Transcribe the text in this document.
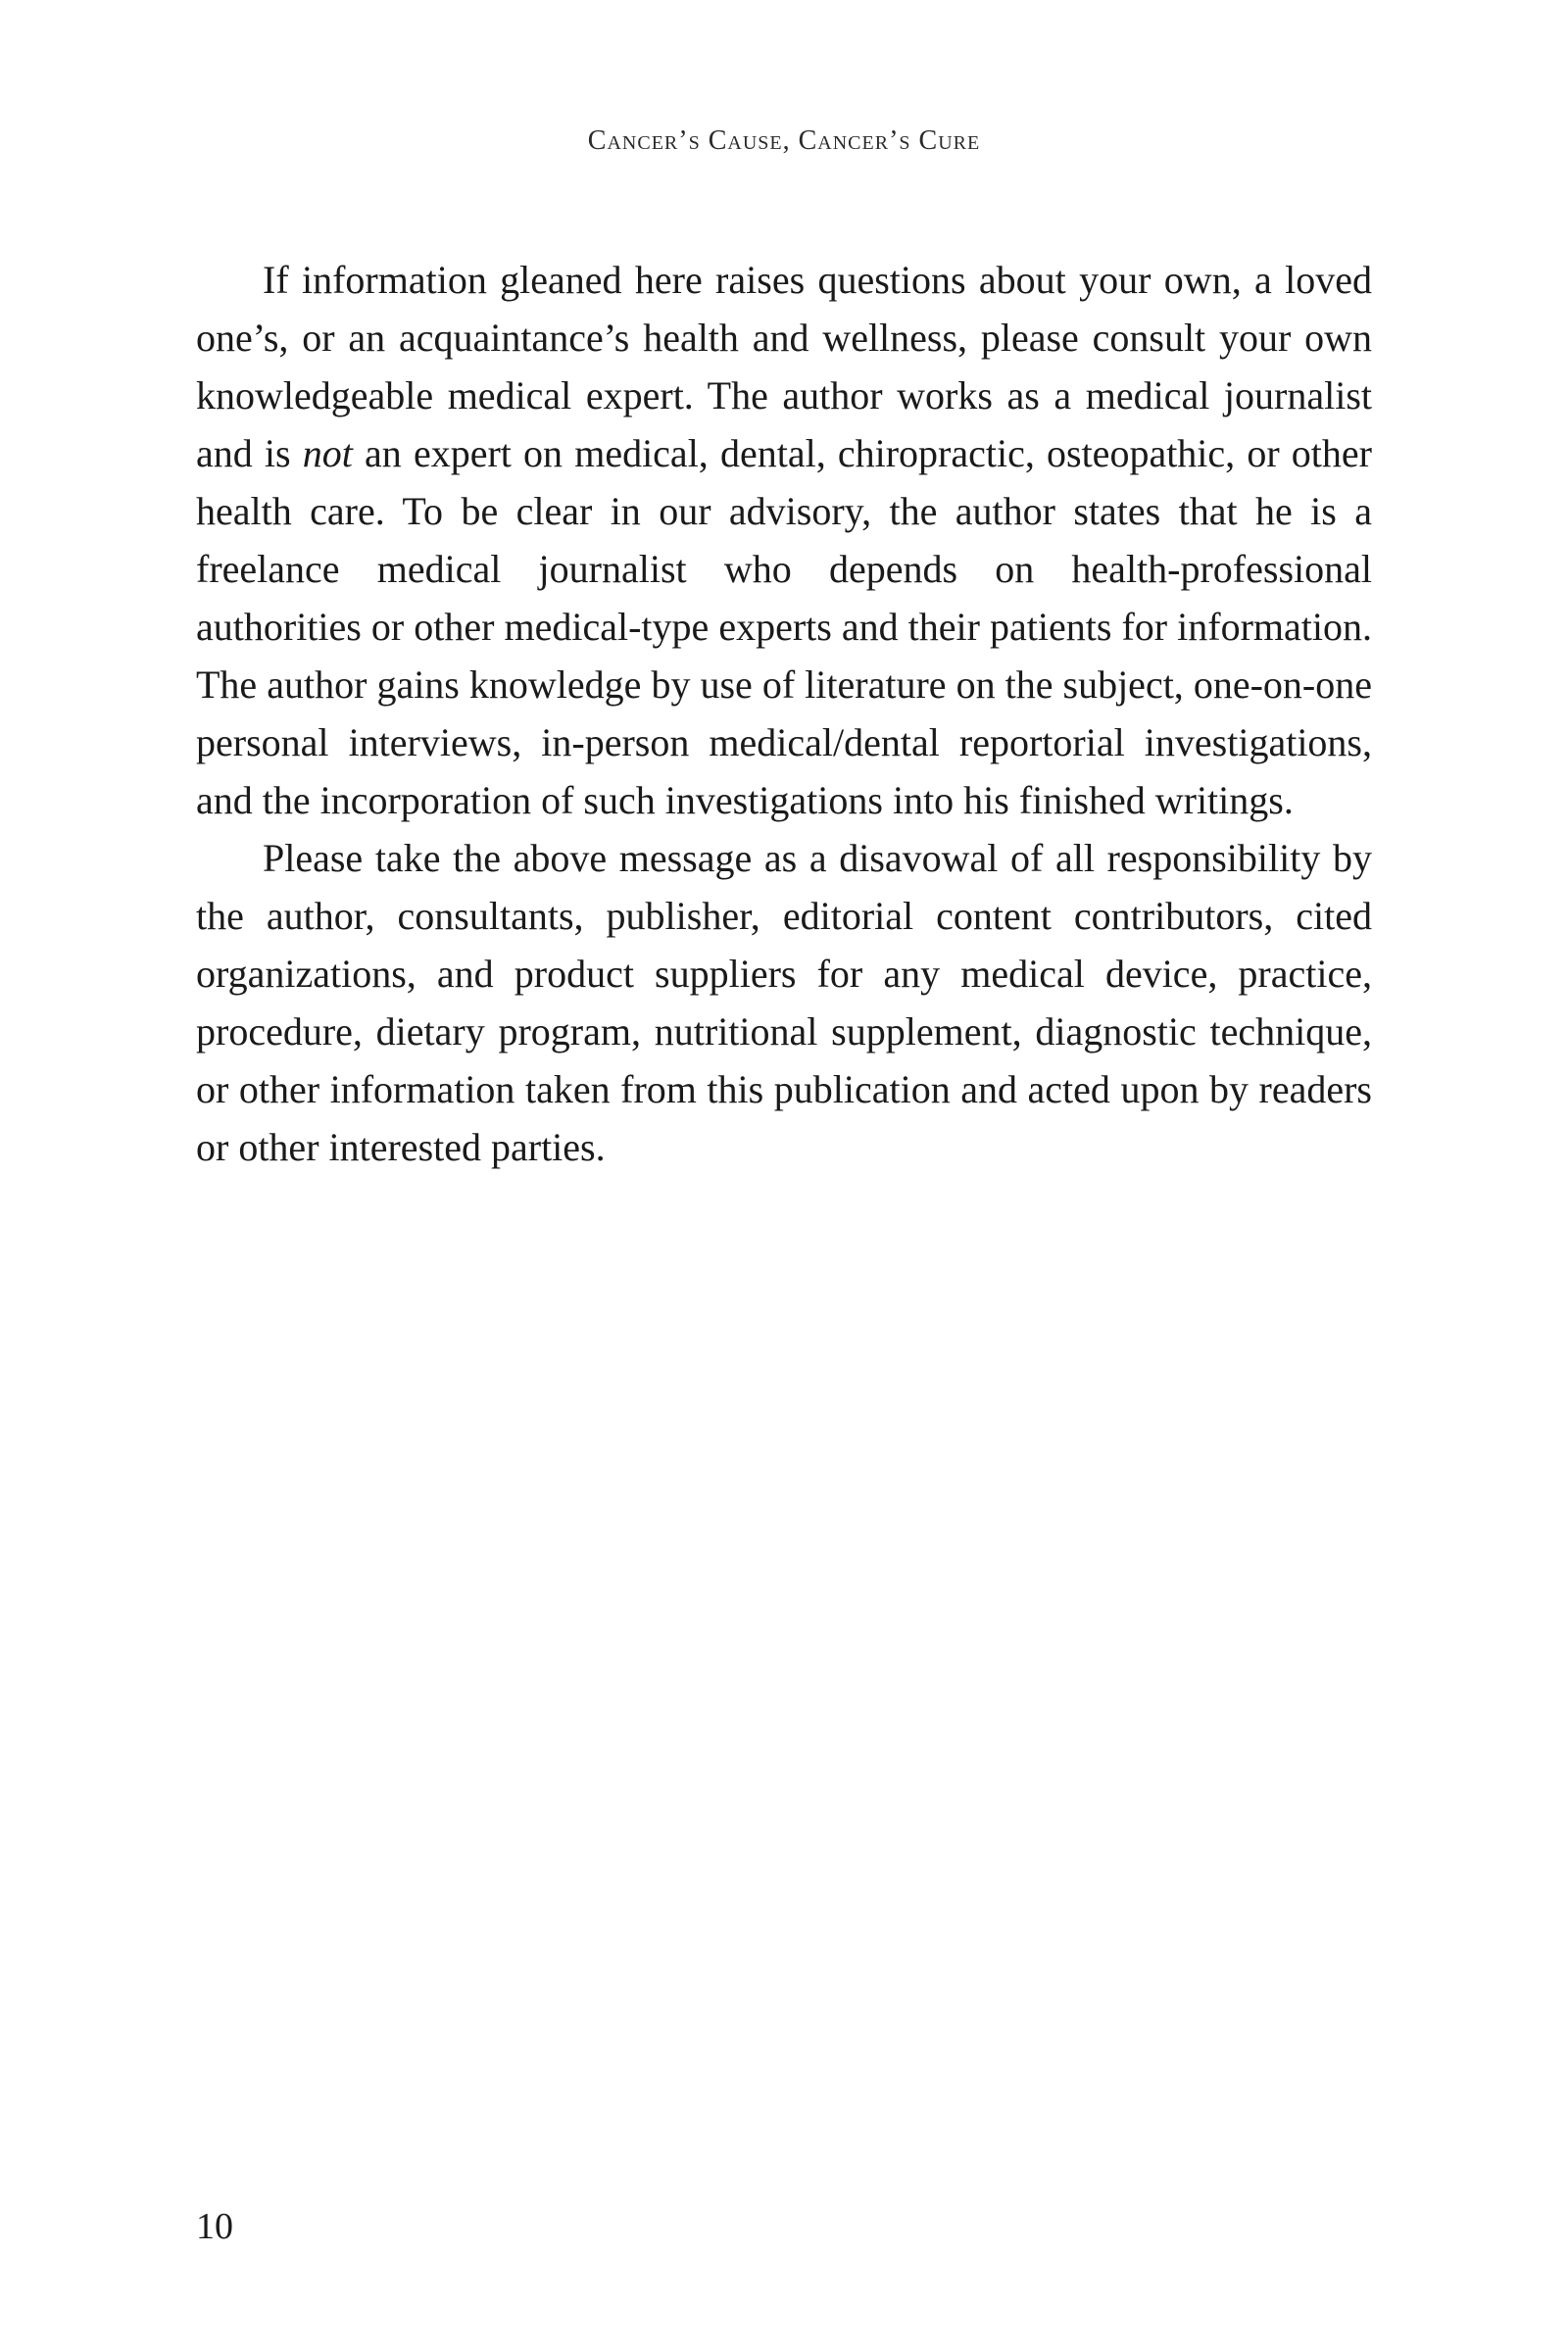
Cancer’s Cause, Cancer’s Cure

If information gleaned here raises questions about your own, a loved one’s, or an acquaintance’s health and wellness, please consult your own knowledgeable medical expert. The author works as a medical journalist and is not an expert on medical, dental, chiropractic, osteopathic, or other health care. To be clear in our advisory, the author states that he is a freelance medical journalist who depends on health-professional authorities or other medical-type experts and their patients for information. The author gains knowledge by use of literature on the subject, one-on-one personal interviews, in-person medical/dental reportorial investigations, and the incorporation of such investigations into his finished writings.

Please take the above message as a disavowal of all responsibility by the author, consultants, publisher, editorial content contributors, cited organizations, and product suppliers for any medical device, practice, procedure, dietary program, nutritional supplement, diagnostic technique, or other information taken from this publication and acted upon by readers or other interested parties.

10
